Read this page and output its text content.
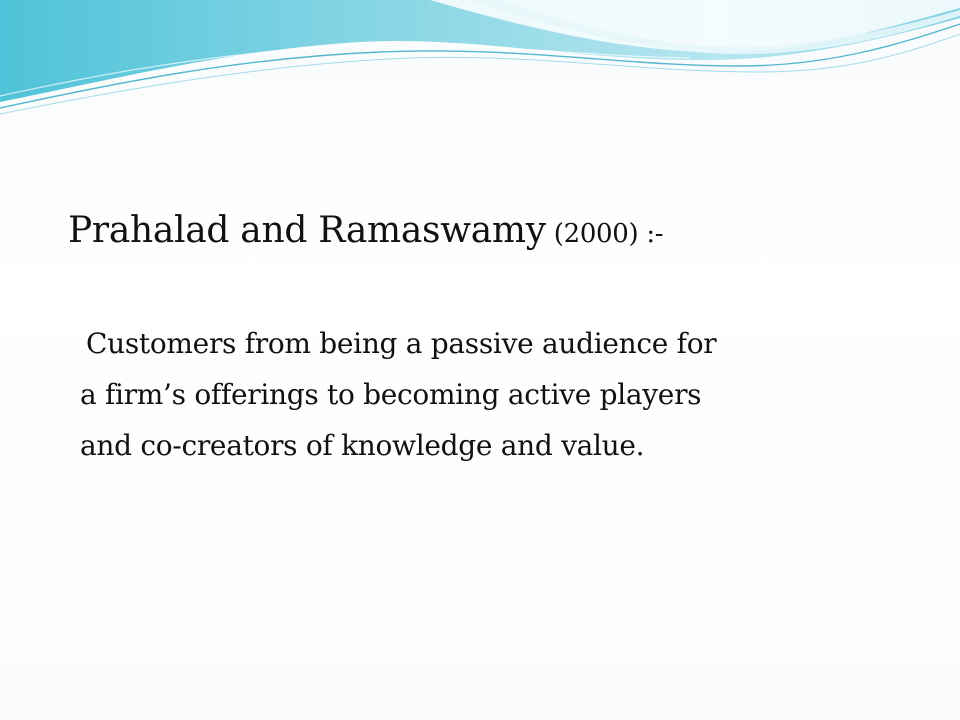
Prahalad and Ramaswamy (2000) :-

Customers from being a passive audience for
a firm’s offerings to becoming active players
and co-creators of knowledge and value.
